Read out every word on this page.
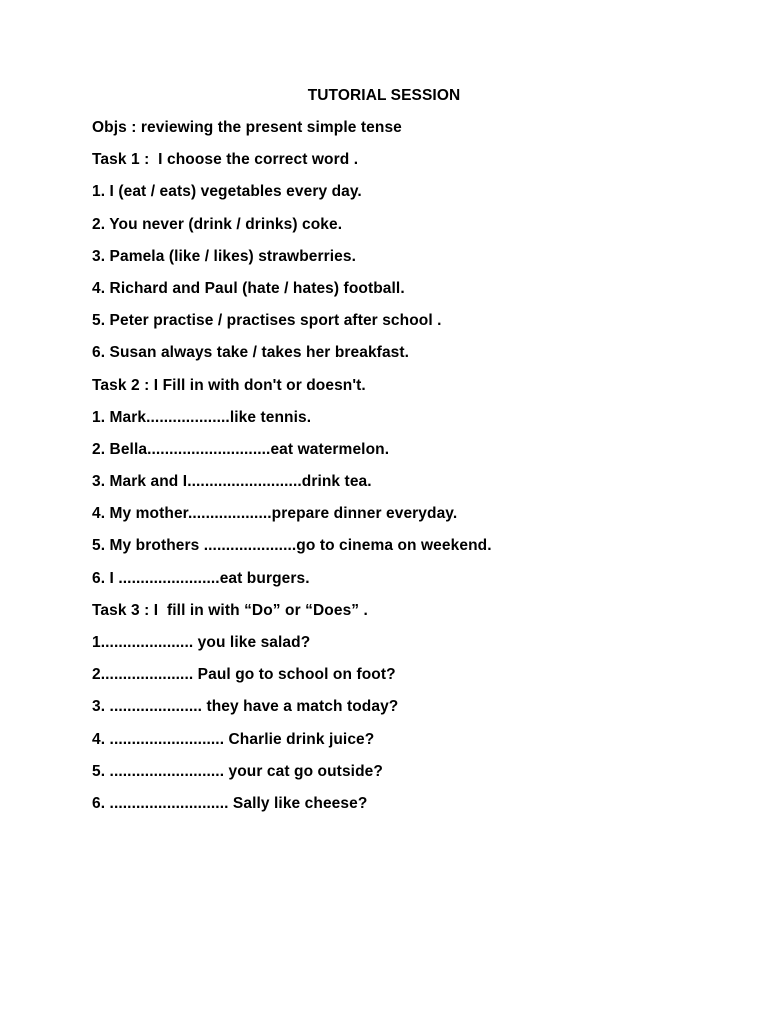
TUTORIAL SESSION
Objs : reviewing the present simple tense
Task 1 :  I choose the correct word .
1. I (eat / eats) vegetables every day.
2. You never (drink / drinks) coke.
3. Pamela (like / likes) strawberries.
4. Richard and Paul (hate / hates) football.
5. Peter practise / practises sport after school .
6. Susan always take / takes her breakfast.
Task 2 : I Fill in with don't or doesn't.
1. Mark...................like tennis.
2. Bella............................eat watermelon.
3. Mark and I..........................drink tea.
4. My mother...................prepare dinner everyday.
5. My brothers .....................go to cinema on weekend.
6. I .......................eat burgers.
Task 3 : I  fill in with “Do” or “Does” .
1..................... you like salad?
2..................... Paul go to school on foot?
3. ..................... they have a match today?
4. .......................... Charlie drink juice?
5. .......................... your cat go outside?
6. ........................... Sally like cheese?
